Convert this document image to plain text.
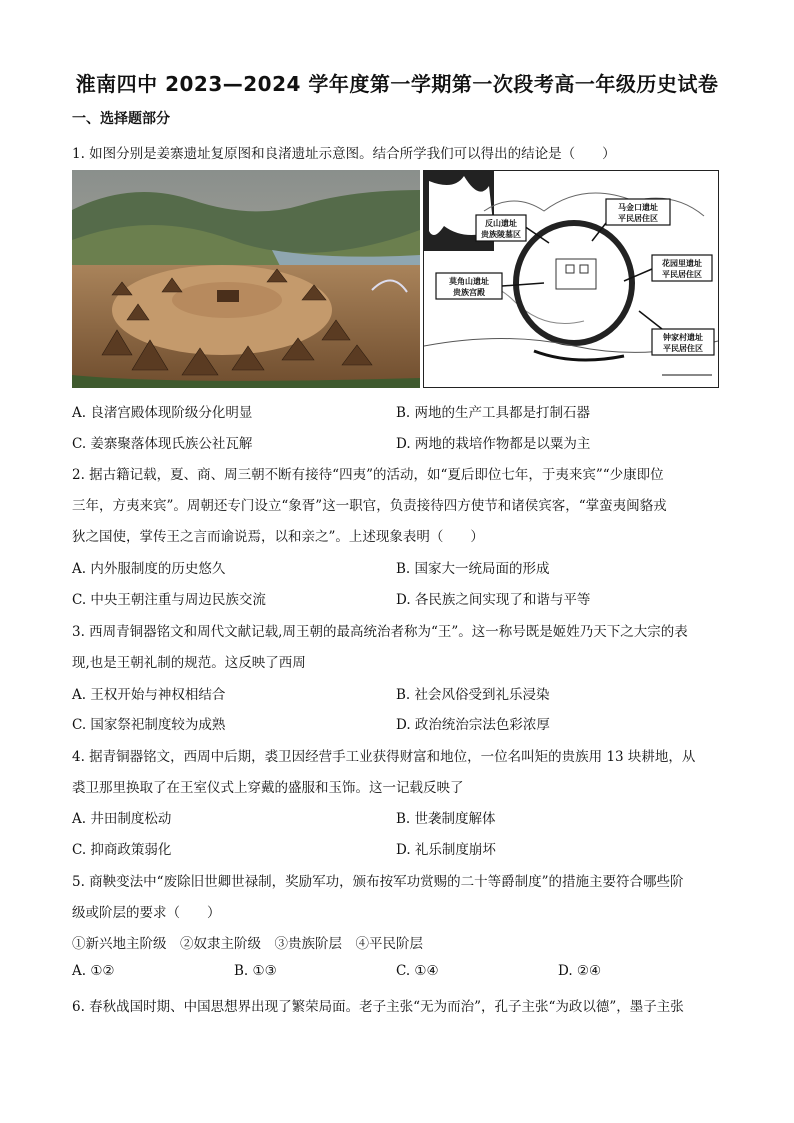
淮南四中 2023—2024 学年度第一学期第一次段考高一年级历史试卷
一、选择题部分
1. 如图分别是姜寨遗址复原图和良渚遗址示意图。结合所学我们可以得出的结论是（　　）
反山遗址
贵族陵墓区
马金口遗址
平民居住区
花园里遗址
平民居住区
莫角山遗址
贵族宫殿
钟家村遗址
平民居住区
A. 良渚宫殿体现阶级分化明显	B. 两地的生产工具都是打制石器
C. 姜寨聚落体现氏族公社瓦解	D. 两地的栽培作物都是以粟为主
2. 据古籍记载，夏、商、周三朝不断有接待“四夷”的活动，如“夏后即位七年，于夷来宾”“少康即位
三年，方夷来宾”。周朝还专门设立“象胥”这一职官，负责接待四方使节和诸侯宾客，“掌蛮夷闽貉戎
狄之国使，掌传王之言而谕说焉，以和亲之”。上述现象表明（　　）
A. 内外服制度的历史悠久	B. 国家大一统局面的形成
C. 中央王朝注重与周边民族交流	D. 各民族之间实现了和谐与平等
3. 西周青铜器铭文和周代文献记载,周王朝的最高统治者称为“王”。这一称号既是姬姓乃天下之大宗的表
现,也是王朝礼制的规范。这反映了西周
A. 王权开始与神权相结合	B. 社会风俗受到礼乐浸染
C. 国家祭祀制度较为成熟	D. 政治统治宗法色彩浓厚
4. 据青铜器铭文，西周中后期，裘卫因经营手工业获得财富和地位，一位名叫矩的贵族用 13 块耕地，从
裘卫那里换取了在王室仪式上穿戴的盛服和玉饰。这一记载反映了
A. 井田制度松动	B. 世袭制度解体
C. 抑商政策弱化	D. 礼乐制度崩坏
5. 商鞅变法中“废除旧世卿世禄制，奖励军功，颁布按军功赏赐的二十等爵制度”的措施主要符合哪些阶
级或阶层的要求（　　）
①新兴地主阶级　②奴隶主阶级　③贵族阶层　④平民阶层
A. ①②	B. ①③	C. ①④	D. ②④
6. 春秋战国时期、中国思想界出现了繁荣局面。老子主张“无为而治”，孔子主张“为政以德”，墨子主张
